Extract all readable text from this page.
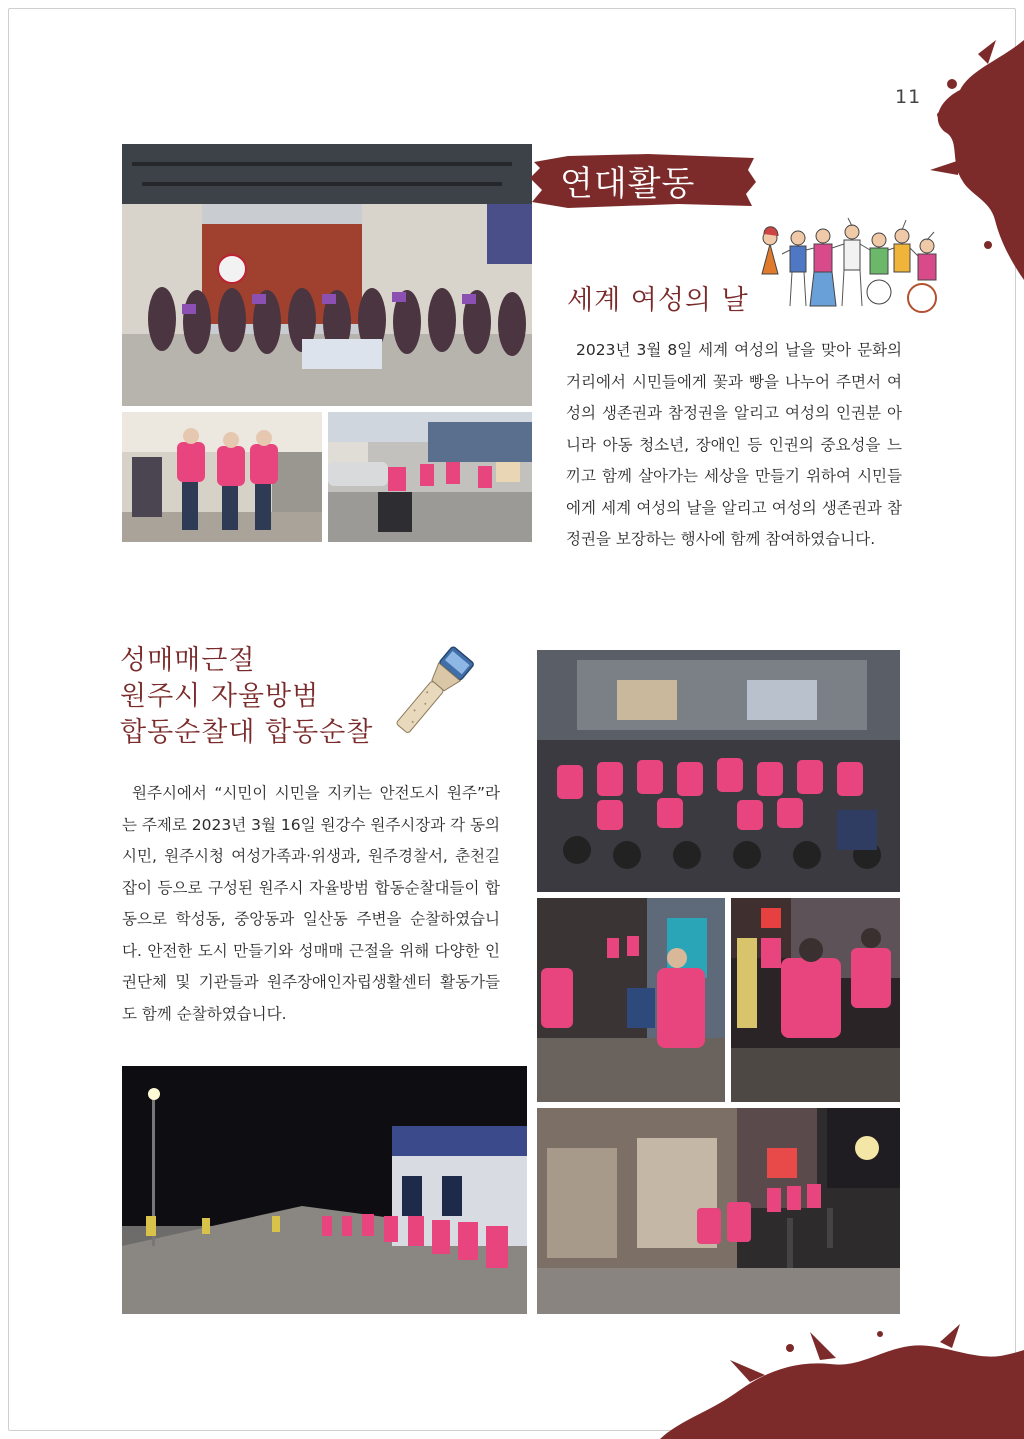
11
연대활동
세계 여성의 날

2023년 3월 8일 세계 여성의 날을 맞아 문화의 거리에서 시민들에게 꽃과 빵을 나누어 주면서 여성의 생존권과 참정권을 알리고 여성의 인권분 아니라 아동 청소년, 장애인 등 인권의 중요성을 느끼고 함께 살아가는 세상을 만들기 위하여 시민들에게 세계 여성의 날을 알리고 여성의 생존권과 참정권을 보장하는 행사에 함께 참여하였습니다.

성매매근절
원주시 자율방범
합동순찰대 합동순찰

원주시에서 “시민이 시민을 지키는 안전도시 원주”라는 주제로 2023년 3월 16일 원강수 원주시장과 각 동의 시민, 원주시청 여성가족과·위생과, 원주경찰서, 춘천길잡이 등으로 구성된 원주시 자율방범 합동순찰대들이 합동으로 학성동, 중앙동과 일산동 주변을 순찰하였습니다. 안전한 도시 만들기와 성매매 근절을 위해 다양한 인권단체 및 기관들과 원주장애인자립생활센터 활동가들도 함께 순찰하였습니다.
